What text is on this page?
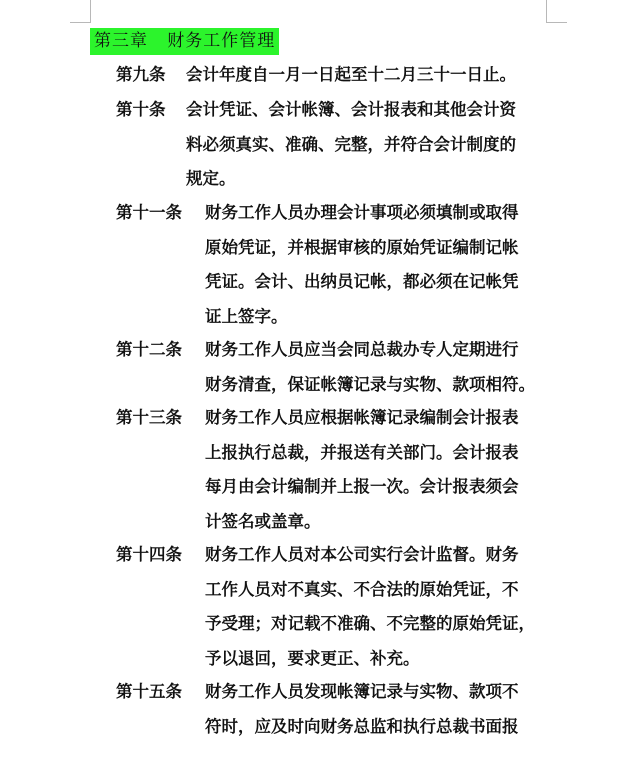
第三章   财务工作管理
第九条 会计年度自一月一日起至十二月三十一日止。
第十条 会计凭证、会计帐簿、会计报表和其他会计资
料必须真实、准确、完整，并符合会计制度的
规定。
第十一条 财务工作人员办理会计事项必须填制或取得
原始凭证，并根据审核的原始凭证编制记帐
凭证。会计、出纳员记帐，都必须在记帐凭
证上签字。
第十二条 财务工作人员应当会同总裁办专人定期进行
财务清查，保证帐簿记录与实物、款项相符。
第十三条 财务工作人员应根据帐簿记录编制会计报表
上报执行总裁，并报送有关部门。会计报表
每月由会计编制并上报一次。会计报表须会
计签名或盖章。
第十四条 财务工作人员对本公司实行会计监督。财务
工作人员对不真实、不合法的原始凭证，不
予受理；对记载不准确、不完整的原始凭证，
予以退回，要求更正、补充。
第十五条 财务工作人员发现帐簿记录与实物、款项不
符时，应及时向财务总监和执行总裁书面报
